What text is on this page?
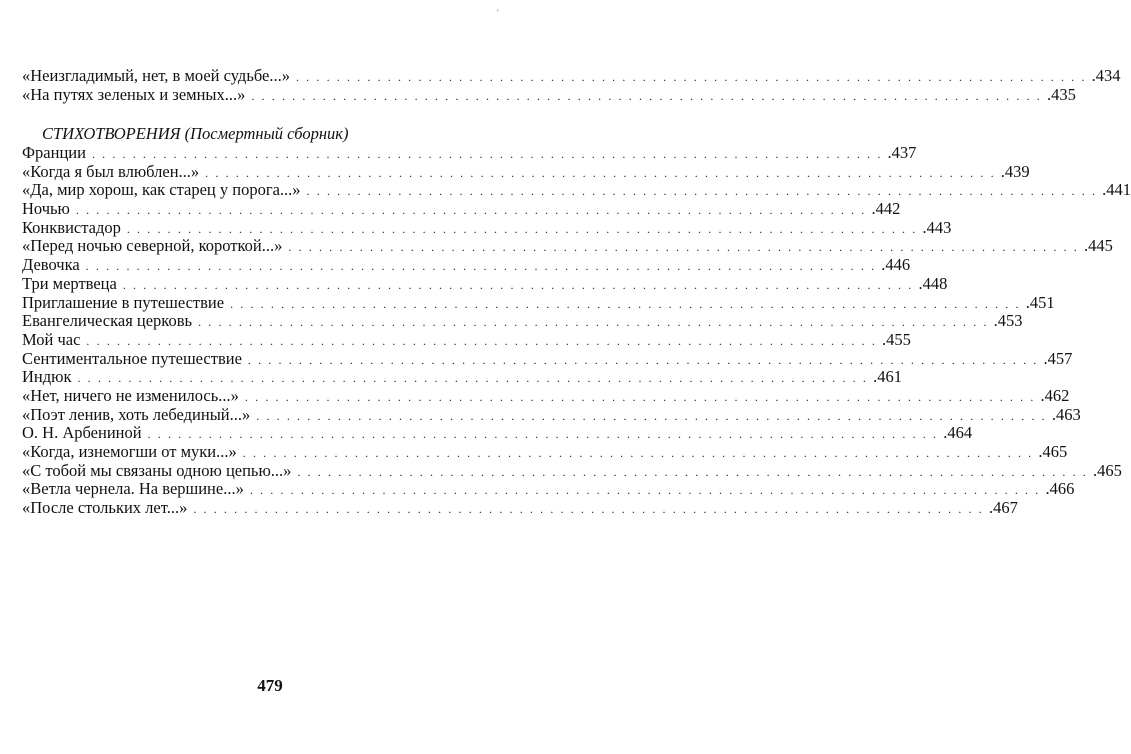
'
«Неизгладимый, нет, в моей судьбе...» .............................................................................. .434
«На путях зеленых и земных...» .............................................................................. .435
СТИХОТВОРЕНИЯ (Посмертный сборник)
Франции .............................................................................. .437
«Когда я был влюблен...» .............................................................................. .439
«Да, мир хорош, как старец у порога...» .............................................................................. .441
Ночью .............................................................................. .442
Конквистадор .............................................................................. .443
«Перед ночью северной, короткой...» .............................................................................. .445
Девочка .............................................................................. .446
Три мертвеца .............................................................................. .448
Приглашение в путешествие .............................................................................. .451
Евангелическая церковь .............................................................................. .453
Мой час .............................................................................. .455
Сентиментальное путешествие .............................................................................. .457
Индюк .............................................................................. .461
«Нет, ничего не изменилось...» .............................................................................. .462
«Поэт ленив, хоть лебединый...» .............................................................................. .463
О. Н. Арбениной .............................................................................. .464
«Когда, изнемогши от муки...» .............................................................................. .465
«С тобой мы связаны одною цепью...» .............................................................................. .465
«Ветла чернела. На вершине...» .............................................................................. .466
«После стольких лет...» .............................................................................. .467
479
